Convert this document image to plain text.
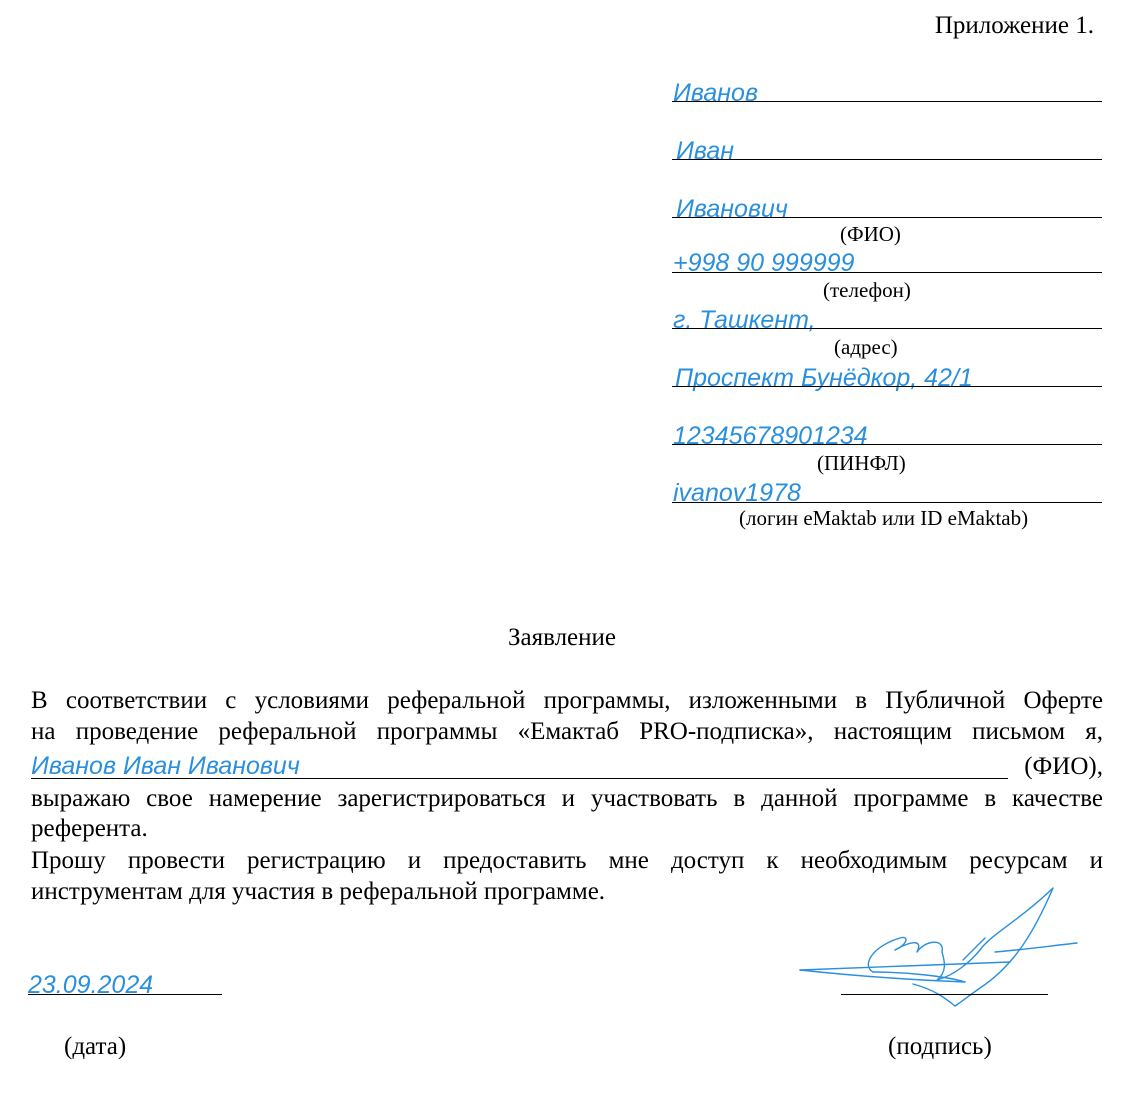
Приложение 1.
Иванов
Иван
Иванович
(ФИО)
+998 90 999999
(телефон)
г. Ташкент,
(адрес)
Проспект Бунёдкор, 42/1
12345678901234
(ПИНФЛ)
ivanov1978
(логин eMaktab или ID eMaktab)
Заявление
В соответствии с условиями реферальной программы, изложенными в Публичной Оферте
на проведение реферальной программы «Емактаб PRO-подписка», настоящим письмом я,
Иванов Иван Иванович	(ФИО),
выражаю свое намерение зарегистрироваться и участвовать в данной программе в качестве
референта.
Прошу провести регистрацию и предоставить мне доступ к необходимым ресурсам и
инструментам для участия в реферальной программе.
23.09.2024
(дата)	(подпись)
